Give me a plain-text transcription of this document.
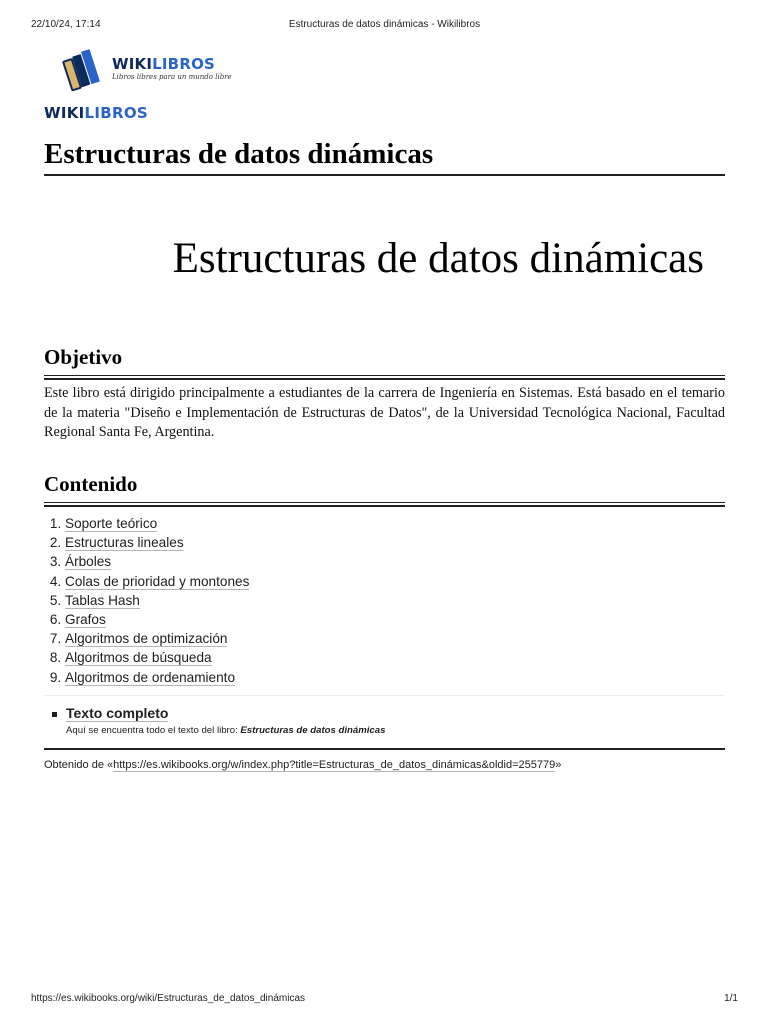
22/10/24, 17:14	Estructuras de datos dinámicas - Wikilibros
WIKILIBROS
Libros libres para un mundo libre
WIKILIBROS
Estructuras de datos dinámicas
Estructuras de datos dinámicas
Objetivo

Este libro está dirigido principalmente a estudiantes de la carrera de Ingeniería en Sistemas. Está basado en el temario de la materia "Diseño e Implementación de Estructuras de Datos", de la Universidad Tecnológica Nacional, Facultad Regional Santa Fe, Argentina.

Contenido
1. Soporte teórico
2. Estructuras lineales
3. Árboles
4. Colas de prioridad y montones
5. Tablas Hash
6. Grafos
7. Algoritmos de optimización
8. Algoritmos de búsqueda
9. Algoritmos de ordenamiento
Texto completo
Aquí se encuentra todo el texto del libro: Estructuras de datos dinámicas
Obtenido de «https://es.wikibooks.org/w/index.php?title=Estructuras_de_datos_dinámicas&oldid=255779»
https://es.wikibooks.org/wiki/Estructuras_de_datos_dinámicas	1/1
